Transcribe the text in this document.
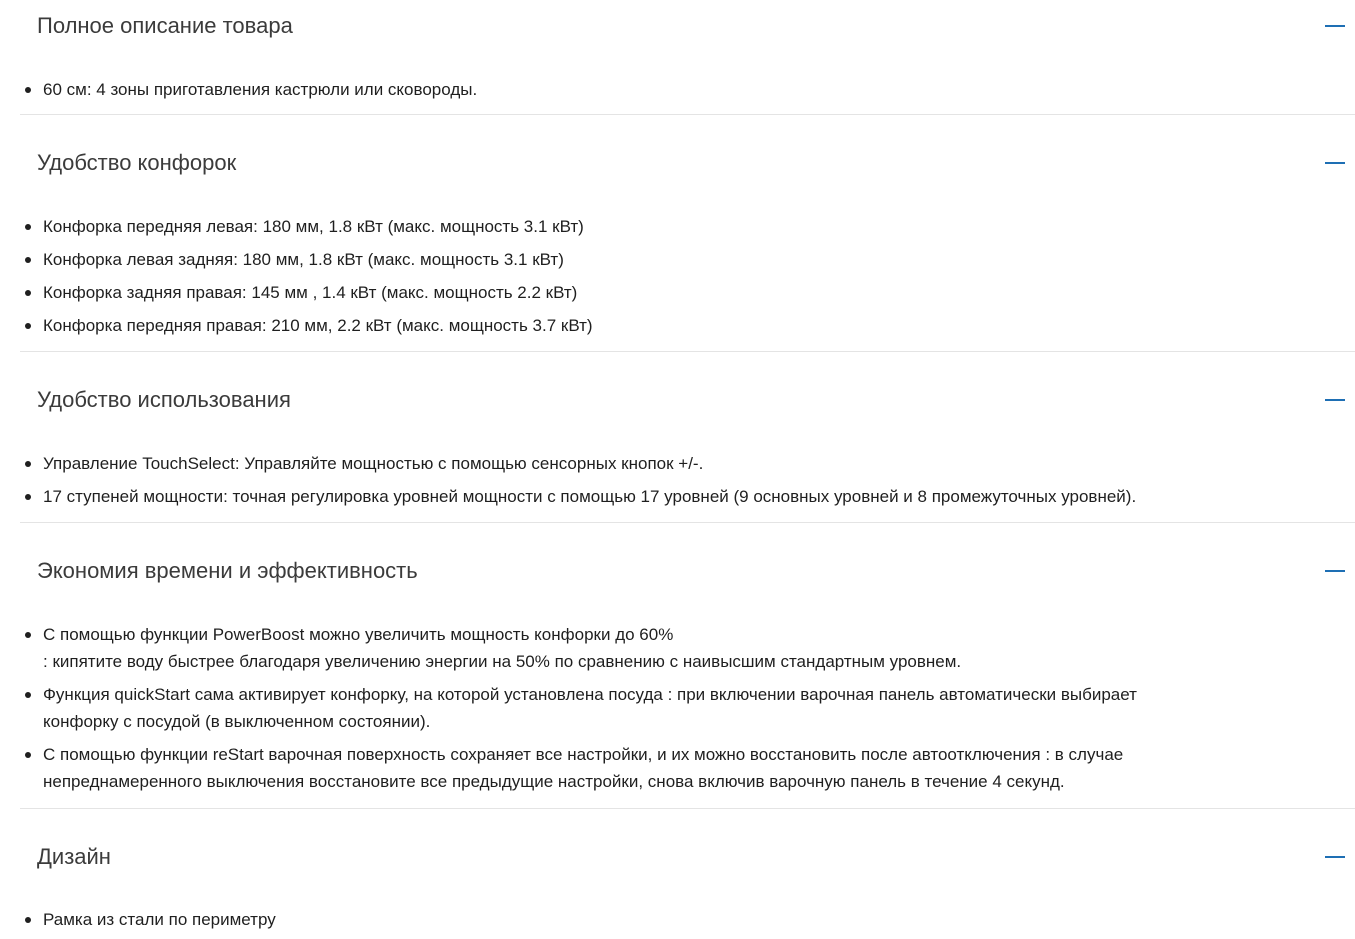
Полное описание товара
60 см: 4 зоны приготавления кастрюли или сковороды.
Удобство конфорок
Конфорка передняя левая: 180 мм, 1.8 кВт (макс. мощность 3.1 кВт)
Конфорка левая задняя: 180 мм, 1.8 кВт (макс. мощность 3.1 кВт)
Конфорка задняя правая: 145 мм , 1.4 кВт (макс. мощность 2.2 кВт)
Конфорка передняя правая: 210 мм, 2.2 кВт (макс. мощность 3.7 кВт)
Удобство использования
Управление TouchSelect: Управляйте мощностью с помощью сенсорных кнопок +/-.
17 ступеней мощности: точная регулировка уровней мощности с помощью 17 уровней (9 основных уровней и 8 промежуточных уровней).
Экономия времени и эффективность
С помощью функции PowerBoost можно увеличить мощность конфорки до 60%
: кипятите воду быстрее благодаря увеличению энергии на 50% по сравнению с наивысшим стандартным уровнем.
Функция quickStart сама активирует конфорку, на которой установлена посуда : при включении варочная панель автоматически выбирает
конфорку с посудой (в выключенном состоянии).
С помощью функции reStart варочная поверхность сохраняет все настройки, и их можно восстановить после автоотключения : в случае
непреднамеренного выключения восстановите все предыдущие настройки, снова включив варочную панель в течение 4 секунд.
Дизайн
Рамка из стали по периметру
